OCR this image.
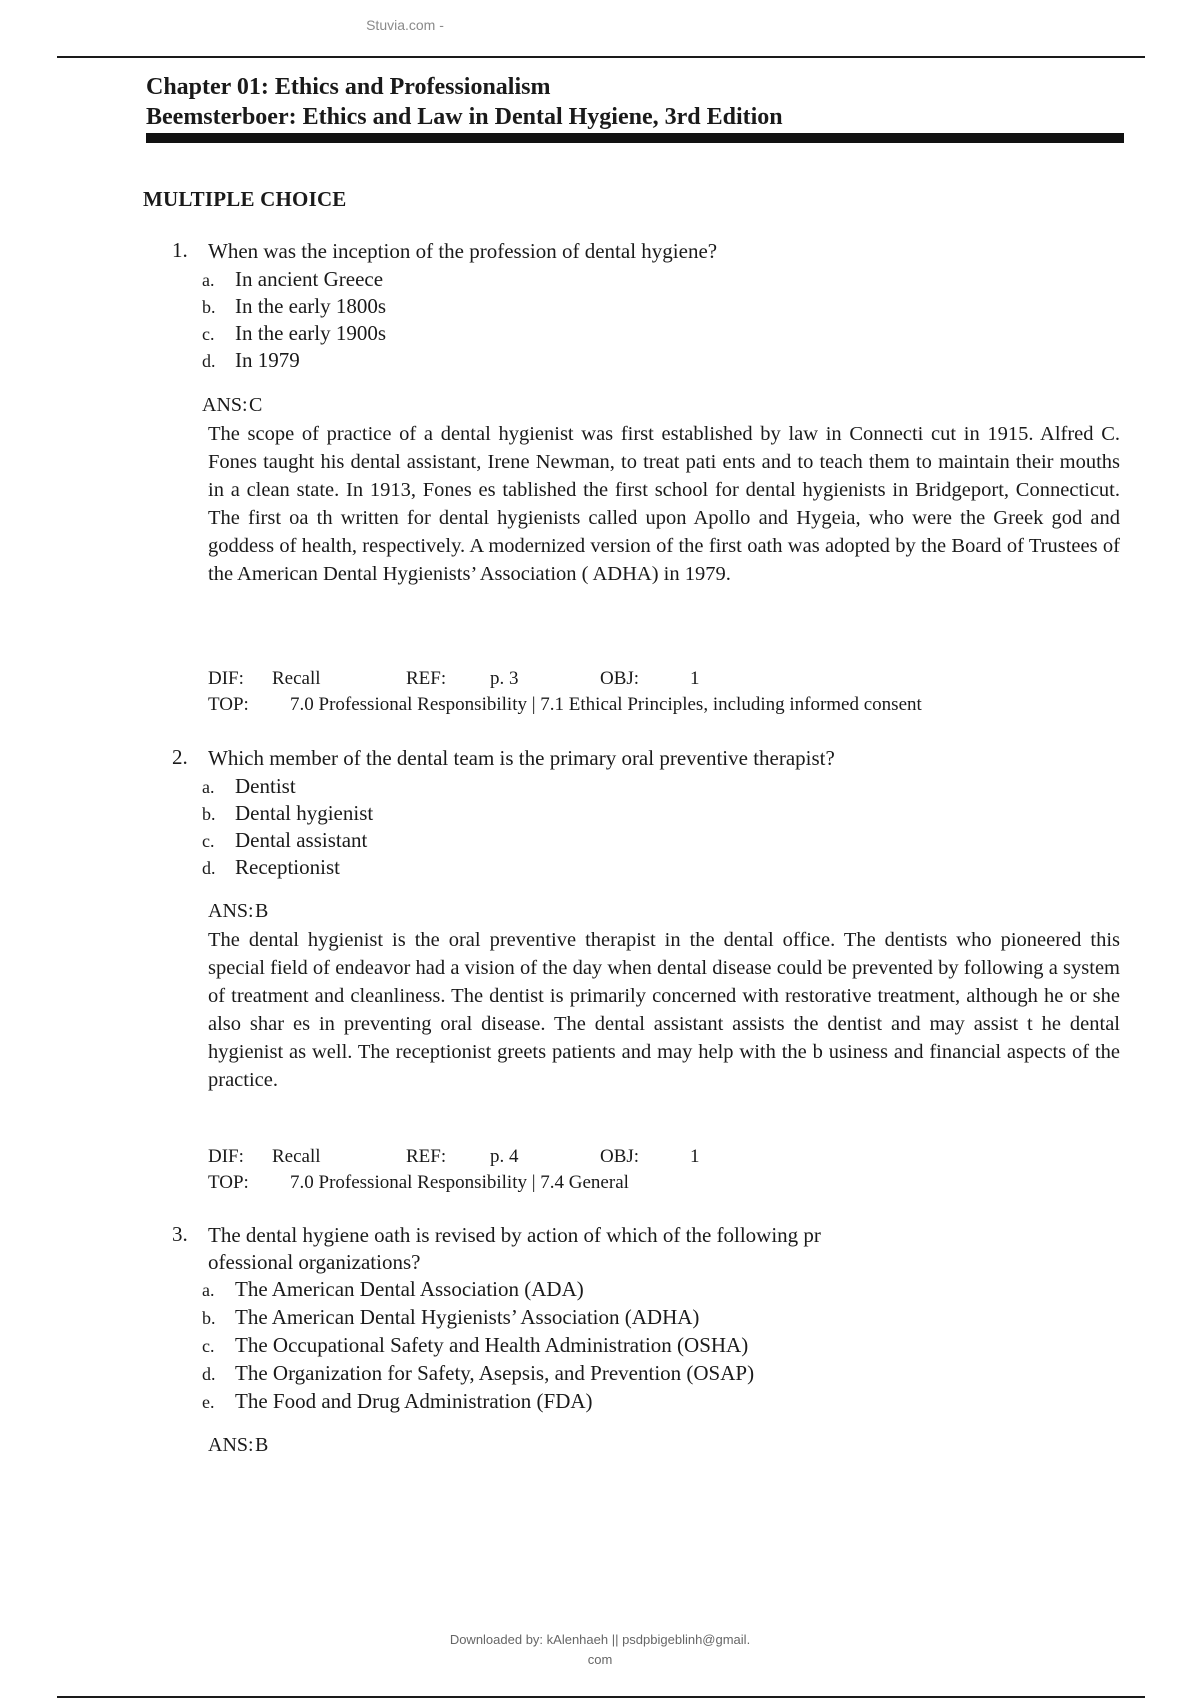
Stuvia.com -
Chapter 01: Ethics and Professionalism
Beemsterboer: Ethics and Law in Dental Hygiene, 3rd Edition
MULTIPLE CHOICE
1. When was the inception of the profession of dental hygiene?
a. In ancient Greece
b. In the early 1800s
c. In the early 1900s
d. In 1979
ANS:C
The scope of practice of a dental hygienist was first established by law in Connecti cut in 1915. Alfred C. Fones taught his dental assistant, Irene Newman, to treat pati ents and to teach them to maintain their mouths in a clean state. In 1913, Fones es tablished the first school for dental hygienists in Bridgeport, Connecticut. The first oa th written for dental hygienists called upon Apollo and Hygeia, who were the Greek god and goddess of health, respectively. A modernized version of the first oath was adopted by the Board of Trustees of the American Dental Hygienists’ Association ( ADHA) in 1979.
DIF: Recall	REF: p. 3	OBJ:	1
TOP: 7.0 Professional Responsibility | 7.1 Ethical Principles, including informed consent
2. Which member of the dental team is the primary oral preventive therapist?
a. Dentist
b. Dental hygienist
c. Dental assistant
d. Receptionist
ANS:B
The dental hygienist is the oral preventive therapist in the dental office. The dentists who pioneered this special field of endeavor had a vision of the day when dental disease could be prevented by following a system of treatment and cleanliness. The dentist is primarily concerned with restorative treatment, although he or she also shar es in preventing oral disease. The dental assistant assists the dentist and may assist t he dental hygienist as well. The receptionist greets patients and may help with the b usiness and financial aspects of the practice.
DIF: Recall	REF: p. 4	OBJ:	1
TOP: 7.0 Professional Responsibility | 7.4 General
3. The dental hygiene oath is revised by action of which of the following pr
ofessional organizations?
a. The American Dental Association (ADA)
b. The American Dental Hygienists’ Association (ADHA)
c. The Occupational Safety and Health Administration (OSHA)
d. The Organization for Safety, Asepsis, and Prevention (OSAP)
e. The Food and Drug Administration (FDA)
ANS:B
Downloaded by: kAlenhaeh || psdpbigeblinh@gmail.
com
